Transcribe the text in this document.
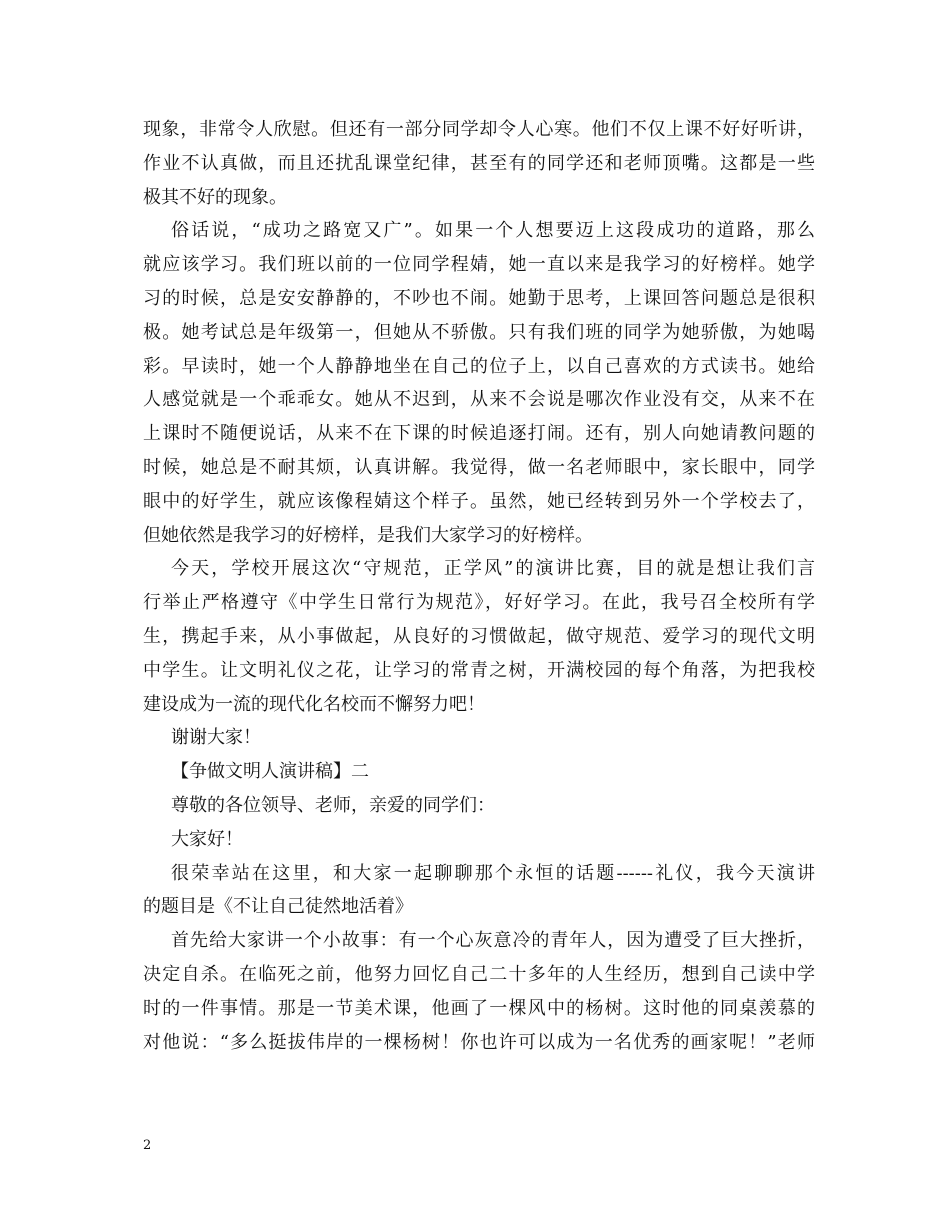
现象，非常令人欣慰。但还有一部分同学却令人心寒。他们不仅上课不好好听讲，
作业不认真做，而且还扰乱课堂纪律，甚至有的同学还和老师顶嘴。这都是一些
极其不好的现象。
俗话说，“成功之路宽又广”。如果一个人想要迈上这段成功的道路，那么
就应该学习。我们班以前的一位同学程婧，她一直以来是我学习的好榜样。她学
习的时候，总是安安静静的，不吵也不闹。她勤于思考，上课回答问题总是很积
极。她考试总是年级第一，但她从不骄傲。只有我们班的同学为她骄傲，为她喝
彩。早读时，她一个人静静地坐在自己的位子上，以自己喜欢的方式读书。她给
人感觉就是一个乖乖女。她从不迟到，从来不会说是哪次作业没有交，从来不在
上课时不随便说话，从来不在下课的时候追逐打闹。还有，别人向她请教问题的
时候，她总是不耐其烦，认真讲解。我觉得，做一名老师眼中，家长眼中，同学
眼中的好学生，就应该像程婧这个样子。虽然，她已经转到另外一个学校去了，
但她依然是我学习的好榜样，是我们大家学习的好榜样。
今天，学校开展这次“守规范，正学风”的演讲比赛，目的就是想让我们言
行举止严格遵守《中学生日常行为规范》，好好学习。在此，我号召全校所有学
生，携起手来，从小事做起，从良好的习惯做起，做守规范、爱学习的现代文明
中学生。让文明礼仪之花，让学习的常青之树，开满校园的每个角落，为把我校
建设成为一流的现代化名校而不懈努力吧！
谢谢大家！
【争做文明人演讲稿】二
尊敬的各位领导、老师，亲爱的同学们：
大家好！
很荣幸站在这里，和大家一起聊聊那个永恒的话题------礼仪，我今天演讲
的题目是《不让自己徒然地活着》
首先给大家讲一个小故事：有一个心灰意冷的青年人，因为遭受了巨大挫折，
决定自杀。在临死之前，他努力回忆自己二十多年的人生经历，想到自己读中学
时的一件事情。那是一节美术课，他画了一棵风中的杨树。这时他的同桌羡慕的
对他说：“多么挺拔伟岸的一棵杨树！你也许可以成为一名优秀的画家呢！”老师
2
